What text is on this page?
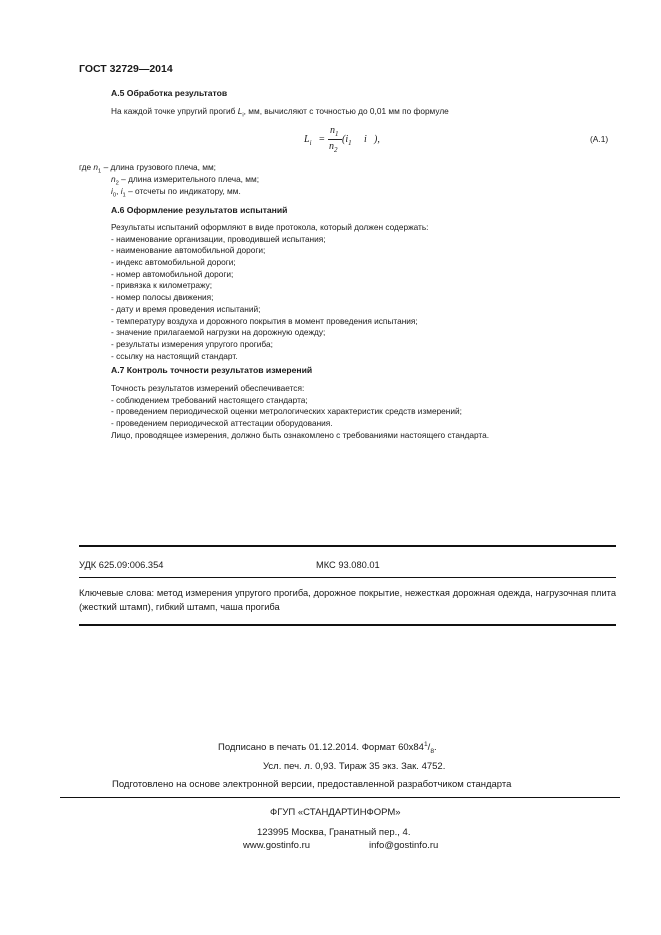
ГОСТ 32729—2014
А.5 Обработка результатов
На каждой точке упругий прогиб $L_i$, мм, вычисляют с точностью до 0,01 мм по формуле
$L_i$ =
$n_1$
$n_2$
($i_1$ i ),	(А.1)
где $n_1$ – длина грузового плеча, мм;
$n_2$ – длина измерительного плеча, мм;
$i_0$, $i_1$ – отсчеты по индикатору, мм.
А.6 Оформление результатов испытаний
Результаты испытаний оформляют в виде протокола, который должен содержать:
- наименование организации, проводившей испытания;
- наименование автомобильной дороги;
- индекс автомобильной дороги;
- номер автомобильной дороги;
- привязка к километражу;
- номер полосы движения;
- дату и время проведения испытаний;
- температуру воздуха и дорожного покрытия в момент проведения испытания;
- значение прилагаемой нагрузки на дорожную одежду;
- результаты измерения упругого прогиба;
- ссылку на настоящий стандарт.
А.7 Контроль точности результатов измерений
Точность результатов измерений обеспечивается:
- соблюдением требований настоящего стандарта;
- проведением периодической оценки метрологических характеристик средств измерений;
- проведением периодической аттестации оборудования.
Лицо, проводящее измерения, должно быть ознакомлено с требованиями настоящего стандарта.
УДК 625.09:006.354	МКС 93.080.01
Ключевые слова: метод измерения упругого прогиба, дорожное покрытие, нежесткая дорожная одежда, нагрузочная плита (жесткий штамп), гибкий штамп, чаша прогиба
Подписано в печать 01.12.2014. Формат $60х84^1/_8$.
Усл. печ. л. 0,93. Тираж 35 экз. Зак. 4752.
Подготовлено на основе электронной версии, предоставленной разработчиком стандарта
ФГУП «СТАНДАРТИНФОРМ»
123995 Москва, Гранатный пер., 4.
www.gostinfo.ru	info@gostinfo.ru
